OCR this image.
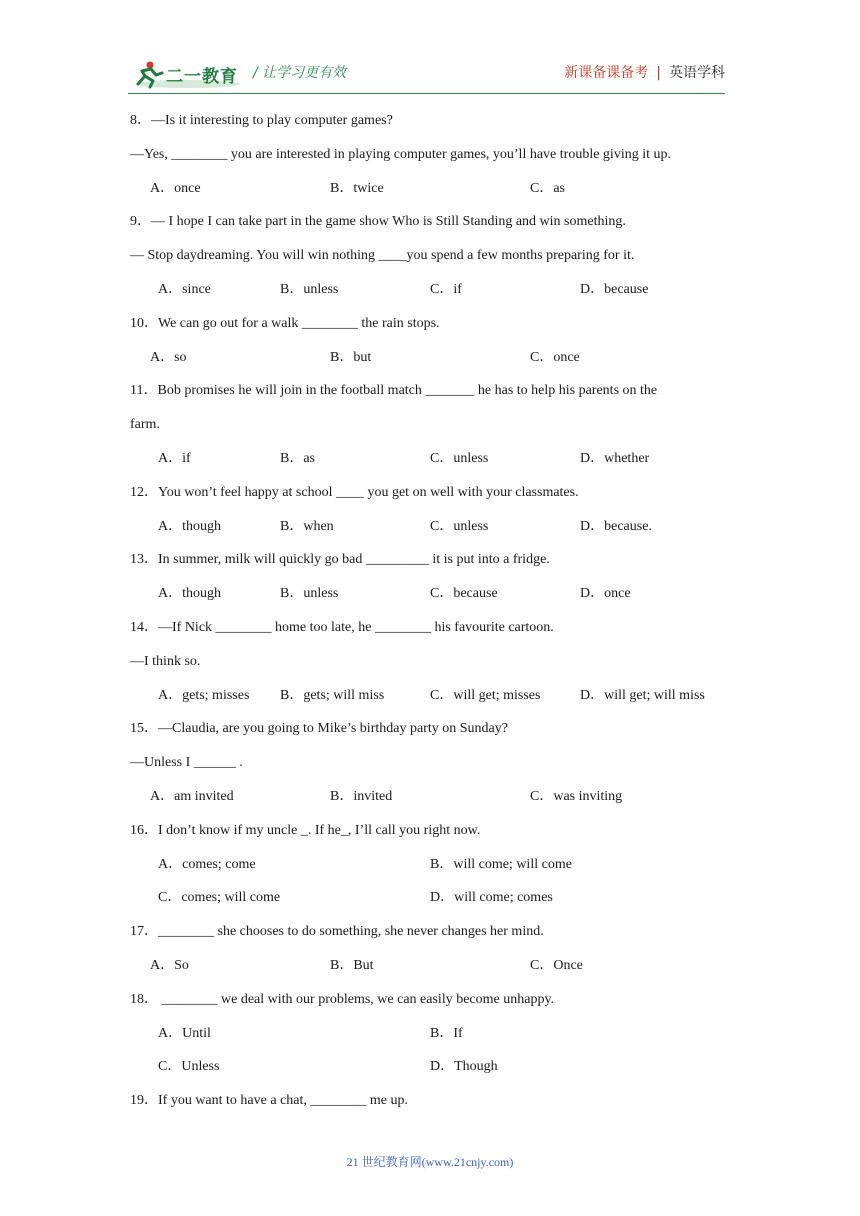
二一教育 / 让学习更有效	新课备课备考 | 英语学科
8．—Is it interesting to play computer games?
—Yes, ________ you are interested in playing computer games, you’ll have trouble giving it up.
A．once	B．twice	C．as
9．— I hope I can take part in the game show Who is Still Standing and win something.
— Stop daydreaming. You will win nothing ____you spend a few months preparing for it.
A．since	B．unless	C．if	D．because
10．We can go out for a walk ________ the rain stops.
A．so	B．but	C．once
11．Bob promises he will join in the football match _______ he has to help his parents on the
farm.
A．if	B．as	C．unless	D．whether
12．You won’t feel happy at school ____ you get on well with your classmates.
A．though	B．when	C．unless	D．because.
13．In summer, milk will quickly go bad _________ it is put into a fridge.
A．though	B．unless	C．because	D．once
14．—If Nick ________ home too late, he ________ his favourite cartoon.
—I think so.
A．gets; misses B．gets; will miss	C．will get; misses	D．will get; will miss
15．—Claudia, are you going to Mike’s birthday party on Sunday?
—Unless I ______ .
A．am invited	B．invited	C．was inviting
16．I don’t know if my uncle _. If he_, I’ll call you right now.
A．comes; come	B．will come; will come
C．comes; will come	D．will come; comes
17．________ she chooses to do something, she never changes her mind.
A．So	B．But	C．Once
18． ________ we deal with our problems, we can easily become unhappy.
A．Until	B．If
C．Unless	D．Though
19．If you want to have a chat, ________ me up.
21 世纪教育网(www.21cnjy.com)
